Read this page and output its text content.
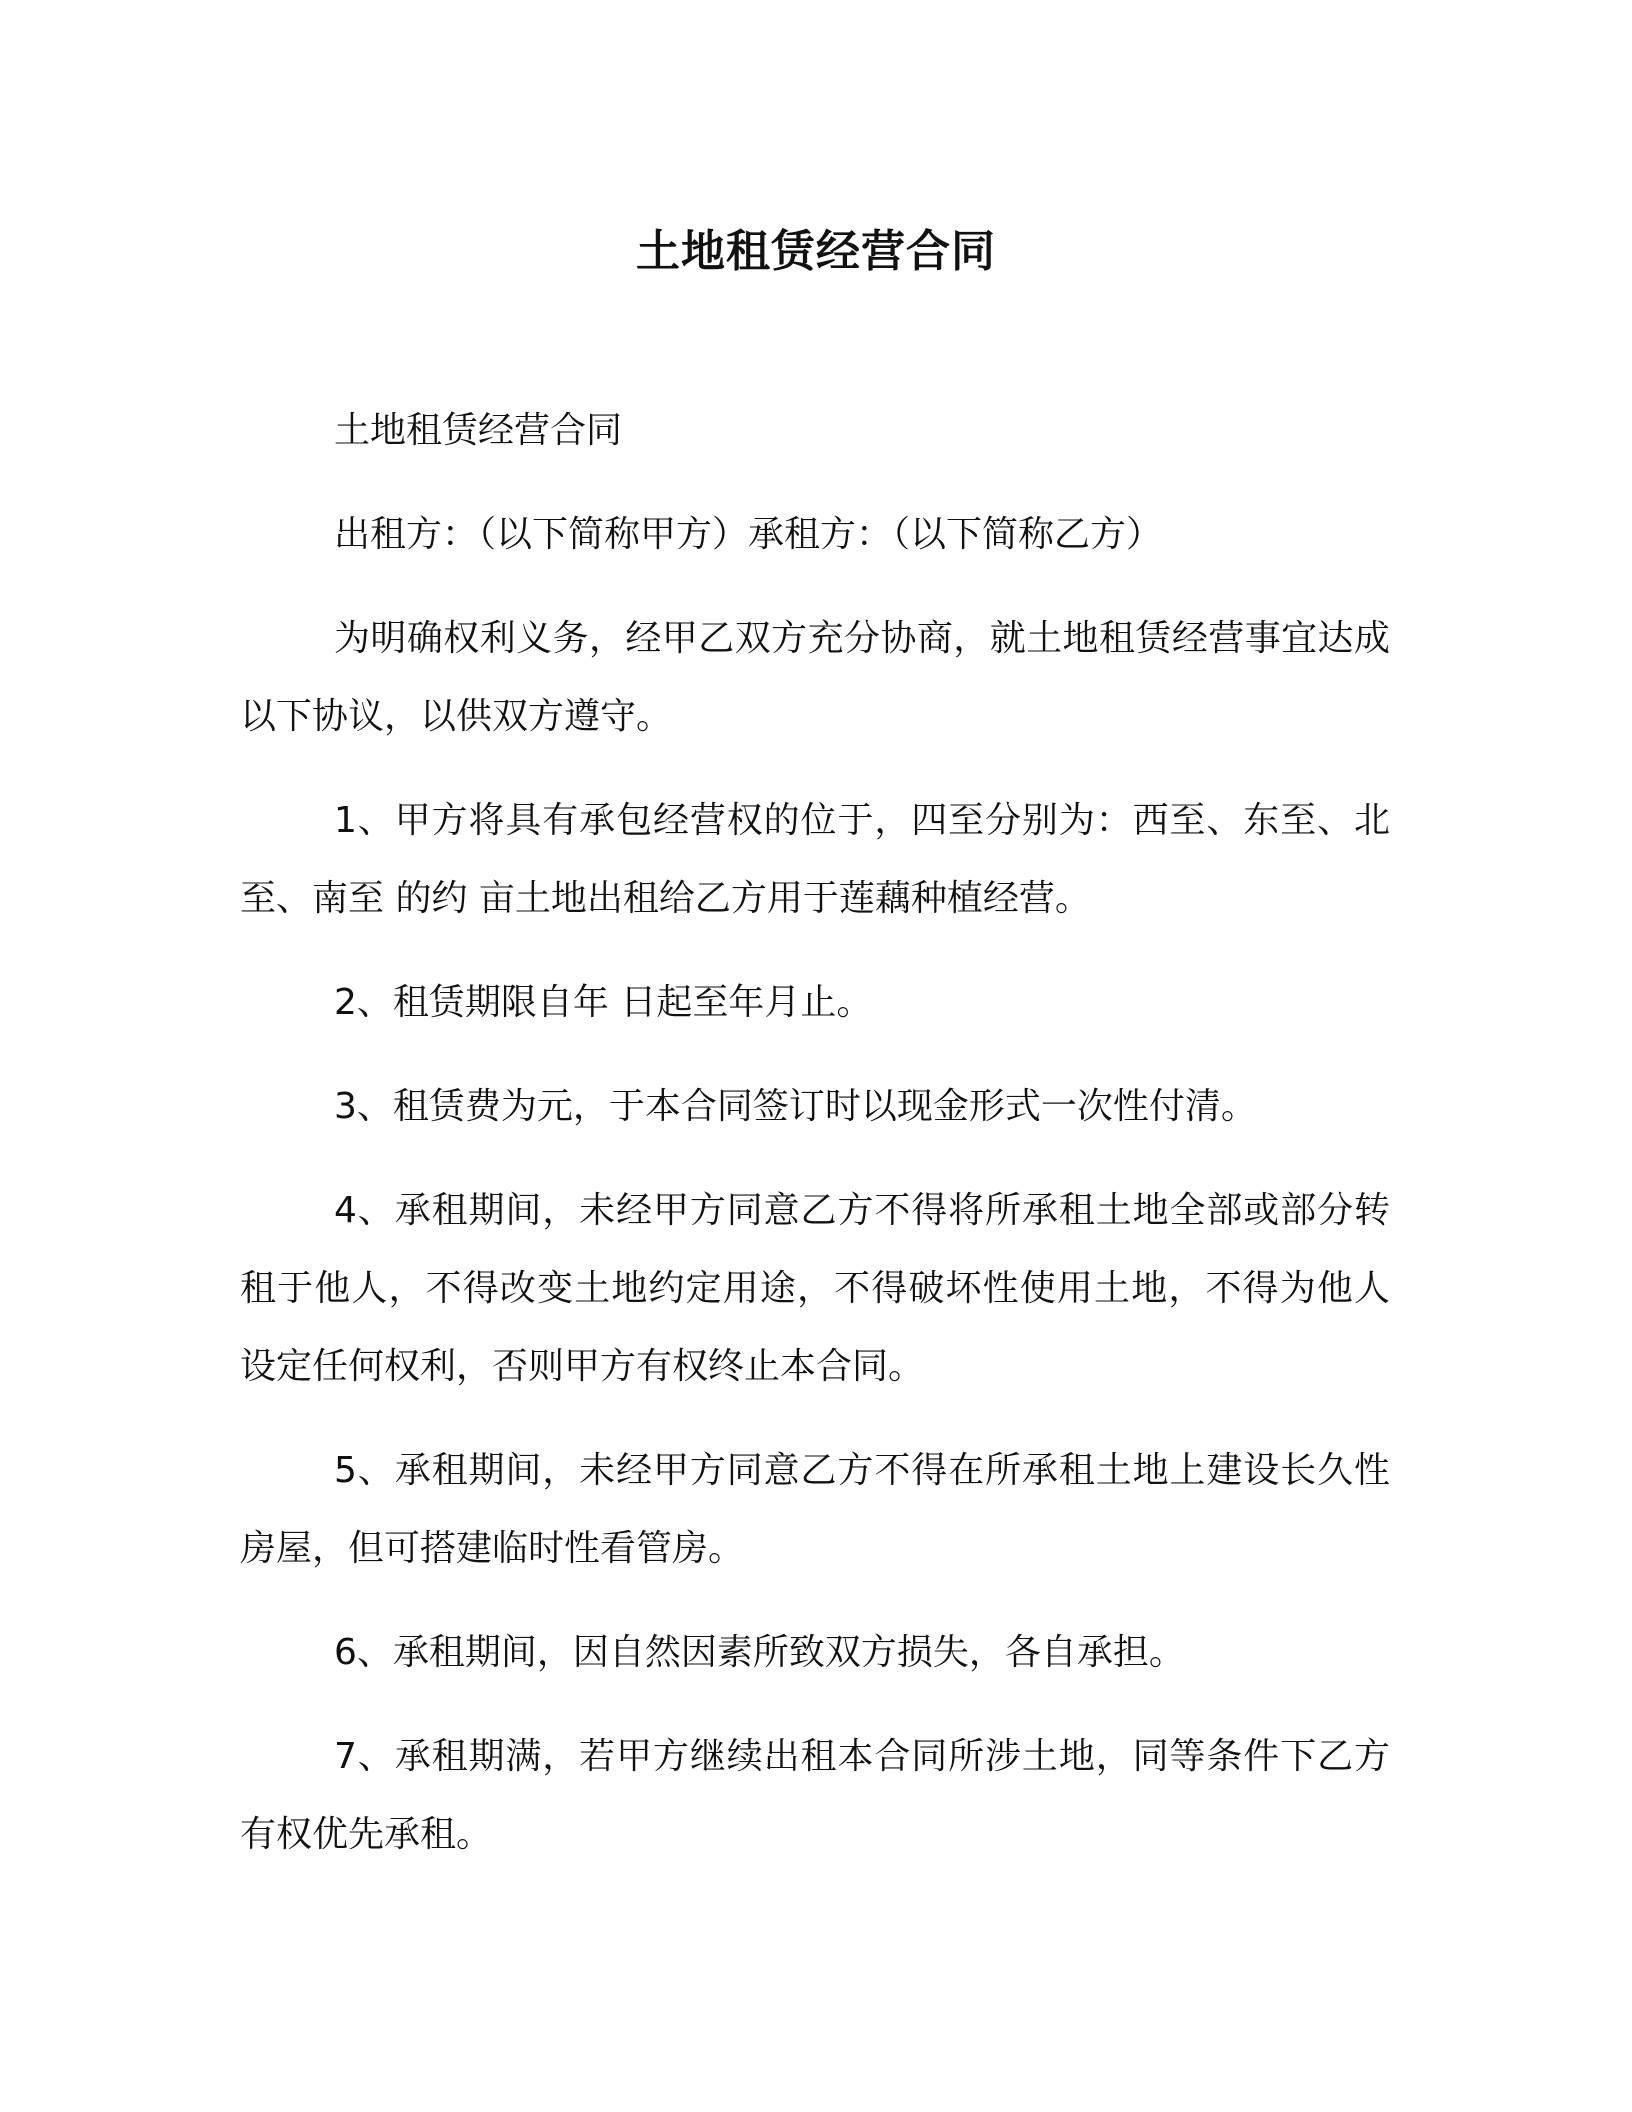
土地租赁经营合同

土地租赁经营合同

出租方：（以下简称甲方）承租方：（以下简称乙方）

为明确权利义务，经甲乙双方充分协商，就土地租赁经营事宜达成以下协议，以供双方遵守。

1、甲方将具有承包经营权的位于，四至分别为：西至、东至、北至、南至 的约 亩土地出租给乙方用于莲藕种植经营。

2、租赁期限自年 日起至年月止。

3、租赁费为元，于本合同签订时以现金形式一次性付清。

4、承租期间，未经甲方同意乙方不得将所承租土地全部或部分转租于他人，不得改变土地约定用途，不得破坏性使用土地，不得为他人设定任何权利，否则甲方有权终止本合同。

5、承租期间，未经甲方同意乙方不得在所承租土地上建设长久性房屋，但可搭建临时性看管房。

6、承租期间，因自然因素所致双方损失，各自承担。

7、承租期满，若甲方继续出租本合同所涉土地，同等条件下乙方有权优先承租。
